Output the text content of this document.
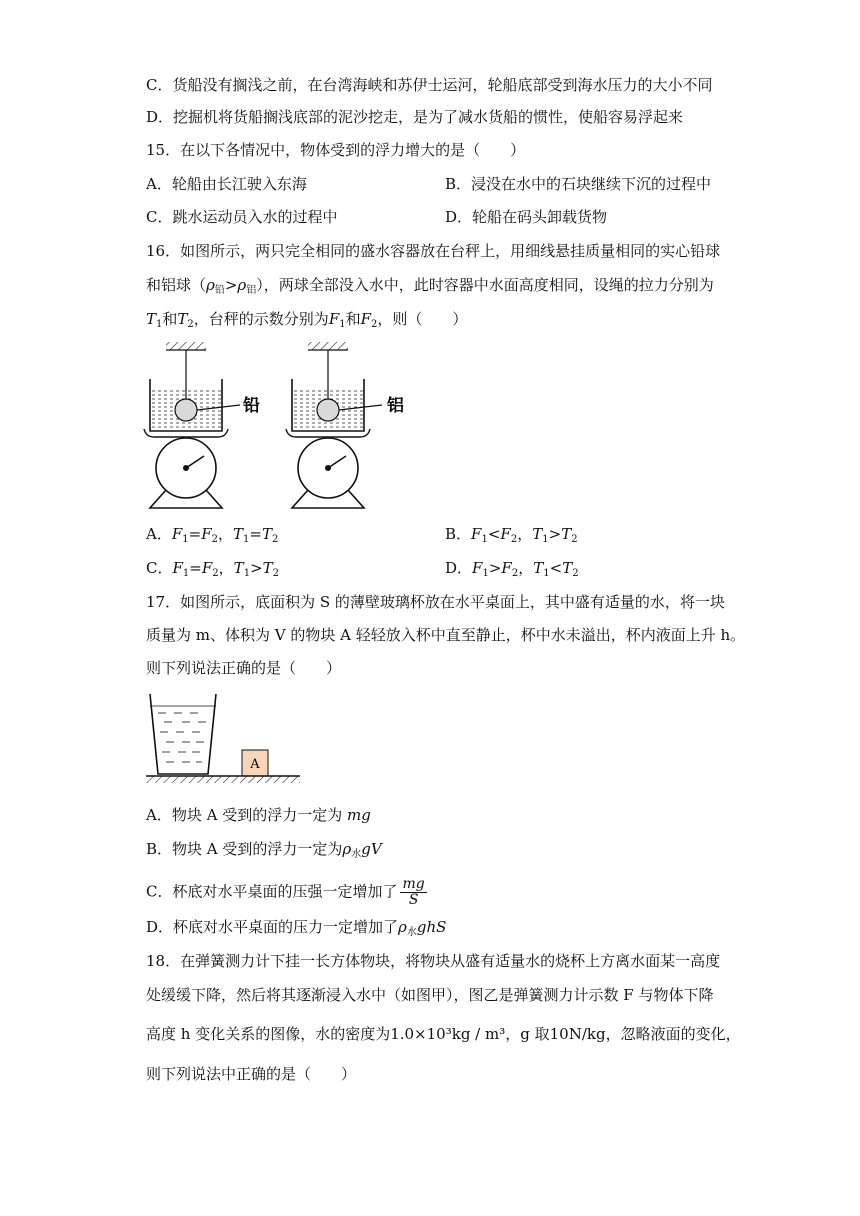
C．货船没有搁浅之前，在台湾海峡和苏伊士运河，轮船底部受到海水压力的大小不同
D．挖掘机将货船搁浅底部的泥沙挖走，是为了减水货船的惯性，使船容易浮起来
15．在以下各情况中，物体受到的浮力增大的是（　　）
A．轮船由长江驶入东海	B．浸没在水中的石块继续下沉的过程中
C．跳水运动员入水的过程中	D．轮船在码头卸载货物
16．如图所示，两只完全相同的盛水容器放在台秤上，用细线悬挂质量相同的实心铅球
和铝球$(\rho_铅>\rho_铝)$，两球全部没入水中，此时容器中水面高度相同，设绳的拉力分别为
$T_1$和$T_2$，台秤的示数分别为$F_1$和$F_2$，则（　　）
铅	铝
A．$F_1=F_2$，$T_1=T_2$	B．$F_1<F_2$，$T_1>T_2$
C．$F_1=F_2$，$T_1>T_2$	D．$F_1>F_2$，$T_1<T_2$
17．如图所示，底面积为 S 的薄壁玻璃杯放在水平桌面上，其中盛有适量的水，将一块
质量为 m、体积为 V 的物块 A 轻轻放入杯中直至静止，杯中水未溢出，杯内液面上升 h。
则下列说法正确的是（　　）
A
A．物块 A 受到的浮力一定为 mg
B．物块 A 受到的浮力一定为$\rho_水gV$
C．杯底对水平桌面的压强一定增加了 $\frac{mg}{S}$
D．杯底对水平桌面的压力一定增加了$\rho_水ghS$
18．在弹簧测力计下挂一长方体物块，将物块从盛有适量水的烧杯上方离水面某一高度
处缓缓下降，然后将其逐渐浸入水中（如图甲），图乙是弹簧测力计示数 F 与物体下降
高度 h 变化关系的图像，水的密度为1.0×10³kg / m³，g 取10N/kg，忽略液面的变化，
则下列说法中正确的是（　　）
